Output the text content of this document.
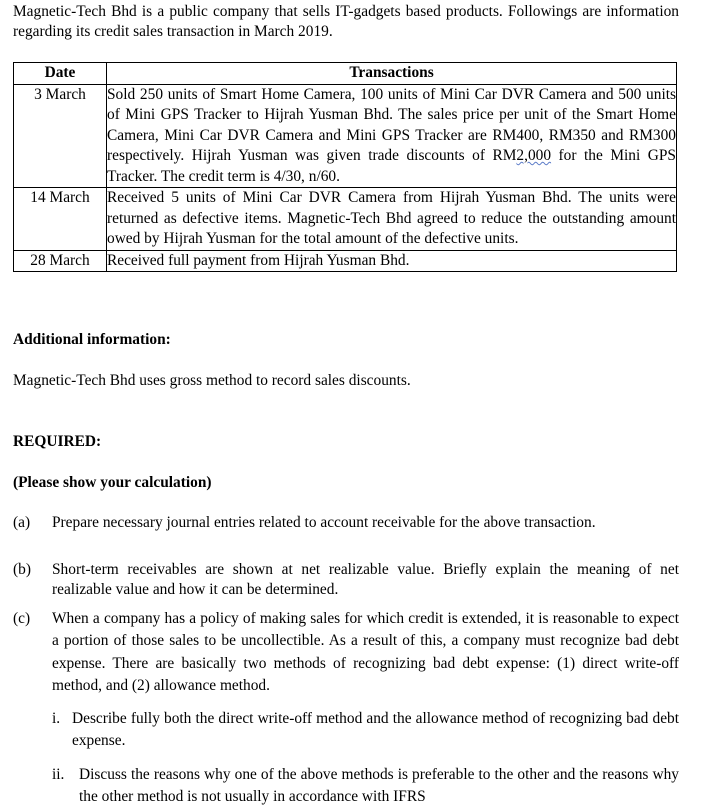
Magnetic-Tech Bhd is a public company that sells IT-gadgets based products. Followings are information regarding its credit sales transaction in March 2019.
Date	Transactions
3 March	Sold 250 units of Smart Home Camera, 100 units of Mini Car DVR Camera and 500 units of Mini GPS Tracker to Hijrah Yusman Bhd. The sales price per unit of the Smart Home Camera, Mini Car DVR Camera and Mini GPS Tracker are RM400, RM350 and RM300 respectively. Hijrah Yusman was given trade discounts of RM2,000 for the Mini GPS Tracker. The credit term is 4/30, n/60.
14 March	Received 5 units of Mini Car DVR Camera from Hijrah Yusman Bhd. The units were returned as defective items. Magnetic-Tech Bhd agreed to reduce the outstanding amount owed by Hijrah Yusman for the total amount of the defective units.
28 March	Received full payment from Hijrah Yusman Bhd.
Additional information:
Magnetic-Tech Bhd uses gross method to record sales discounts.
REQUIRED:
(Please show your calculation)
(a) Prepare necessary journal entries related to account receivable for the above transaction.
(b) Short-term receivables are shown at net realizable value. Briefly explain the meaning of net realizable value and how it can be determined.
(c) When a company has a policy of making sales for which credit is extended, it is reasonable to expect a portion of those sales to be uncollectible. As a result of this, a company must recognize bad debt expense. There are basically two methods of recognizing bad debt expense: (1) direct write-off method, and (2) allowance method.
i. Describe fully both the direct write-off method and the allowance method of recognizing bad debt expense.
ii. Discuss the reasons why one of the above methods is preferable to the other and the reasons why the other method is not usually in accordance with IFRS
